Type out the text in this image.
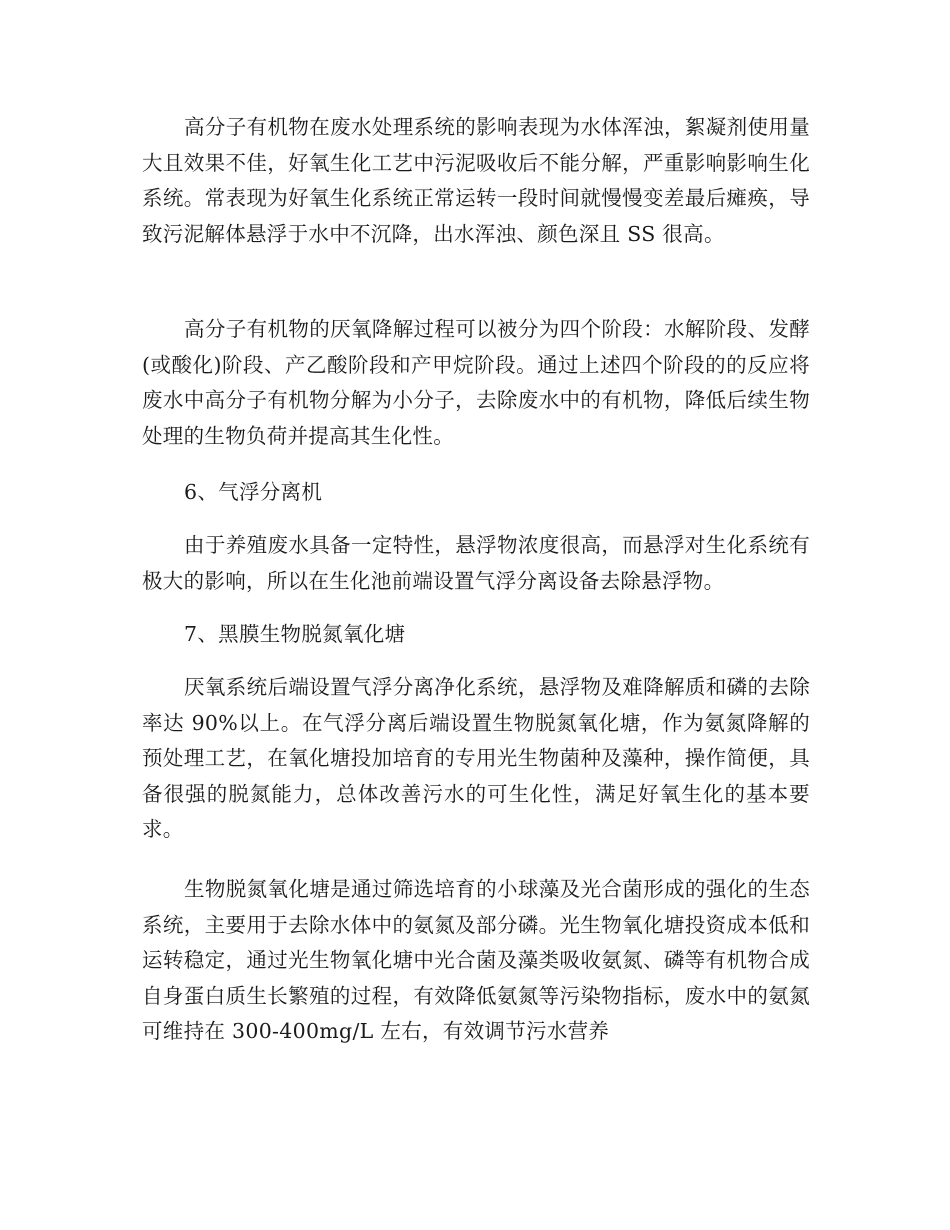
高分子有机物在废水处理系统的影响表现为水体浑浊，絮凝剂使用量大且效果不佳，好氧生化工艺中污泥吸收后不能分解，严重影响影响生化系统。常表现为好氧生化系统正常运转一段时间就慢慢变差最后瘫痪，导致污泥解体悬浮于水中不沉降，出水浑浊、颜色深且 SS 很高。

高分子有机物的厌氧降解过程可以被分为四个阶段：水解阶段、发酵(或酸化)阶段、产乙酸阶段和产甲烷阶段。通过上述四个阶段的的反应将废水中高分子有机物分解为小分子，去除废水中的有机物，降低后续生物处理的生物负荷并提高其生化性。

6、气浮分离机

由于养殖废水具备一定特性，悬浮物浓度很高，而悬浮对生化系统有极大的影响，所以在生化池前端设置气浮分离设备去除悬浮物。

7、黑膜生物脱氮氧化塘

厌氧系统后端设置气浮分离净化系统，悬浮物及难降解质和磷的去除率达 90%以上。在气浮分离后端设置生物脱氮氧化塘，作为氨氮降解的预处理工艺，在氧化塘投加培育的专用光生物菌种及藻种，操作简便，具备很强的脱氮能力，总体改善污水的可生化性，满足好氧生化的基本要求。

生物脱氮氧化塘是通过筛选培育的小球藻及光合菌形成的强化的生态系统，主要用于去除水体中的氨氮及部分磷。光生物氧化塘投资成本低和运转稳定，通过光生物氧化塘中光合菌及藻类吸收氨氮、磷等有机物合成自身蛋白质生长繁殖的过程，有效降低氨氮等污染物指标，废水中的氨氮可维持在 300-400mg/L 左右，有效调节污水营养
